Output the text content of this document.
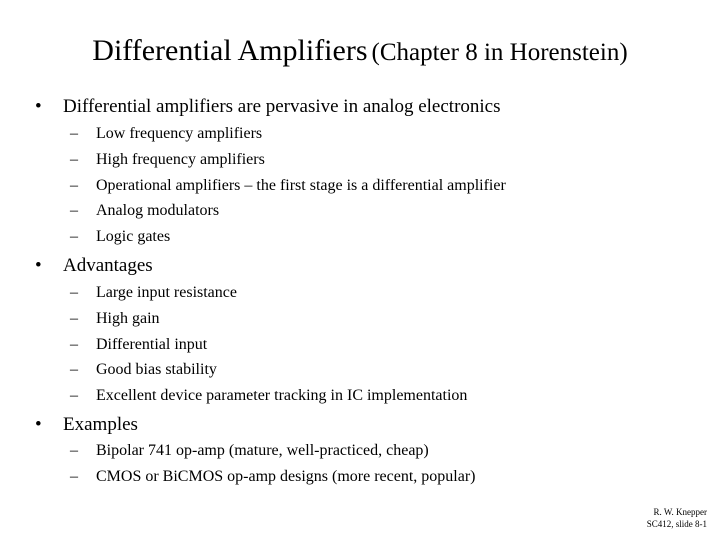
Differential Amplifiers (Chapter 8 in Horenstein)
• Differential amplifiers are pervasive in analog electronics
– Low frequency amplifiers
– High frequency amplifiers
– Operational amplifiers – the first stage is a differential amplifier
– Analog modulators
– Logic gates
• Advantages
– Large input resistance
– High gain
– Differential input
– Good bias stability
– Excellent device parameter tracking in IC implementation
• Examples
– Bipolar 741 op-amp (mature, well-practiced, cheap)
– CMOS or BiCMOS op-amp designs (more recent, popular)
R. W. Knepper
SC412, slide 8-1
